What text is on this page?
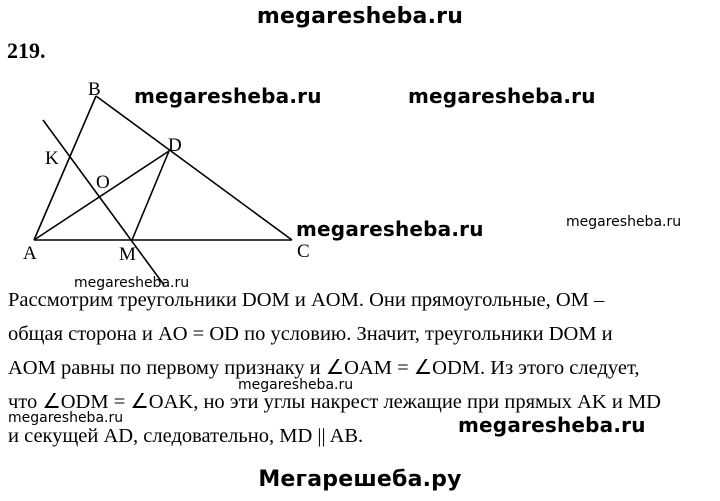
megaresheba.ru
219.
B
D
K
O
A	M	C
megaresheba.ru	megaresheba.ru
megaresheba.ru	megaresheba.ru
megaresheba.ru
megaresheba.ru
megaresheba.ru	megaresheba.ru

Рассмотрим треугольники DOM и AOM. Они прямоугольные, OM –

общая сторона и AO = OD по условию. Значит, треугольники DOM и

AOM равны по первому признаку и ∠OAM = ∠ODM. Из этого следует,

что ∠ODM = ∠OAK, но эти углы накрест лежащие при прямых AK и MD

и секущей AD, следовательно, MD || AB.

Мегарешеба.ру
